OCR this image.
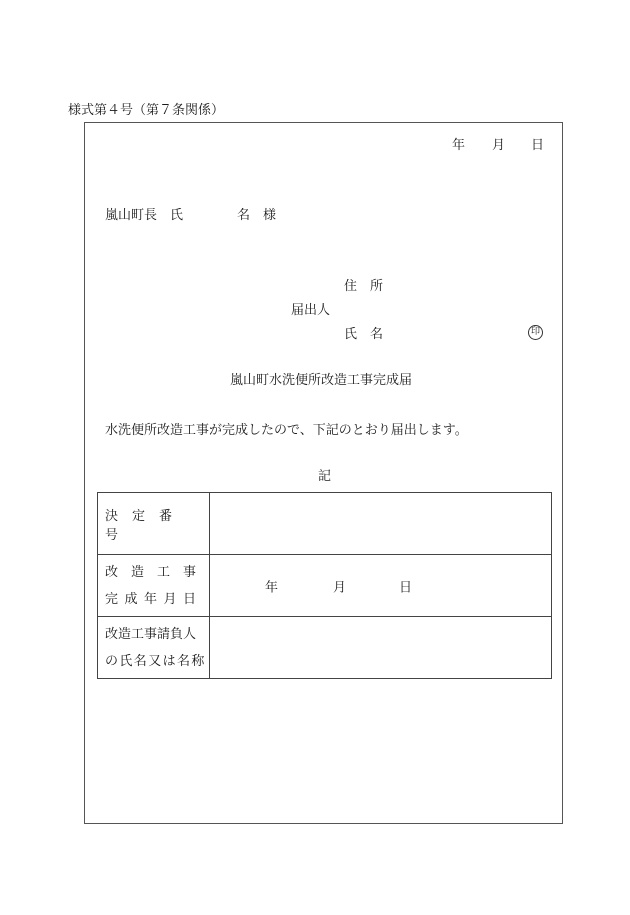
様式第４号（第７条関係）
年 月 日
嵐山町長　氏	名　様
住　所
届出人
氏　名	印
嵐山町水洗便所改造工事完成届
水洗便所改造工事が完成したので、下記のとおり届出します。
記
決定番号	

改造工事
完成年月日	年 月 日

改造工事請負人
の氏名又は名称	
